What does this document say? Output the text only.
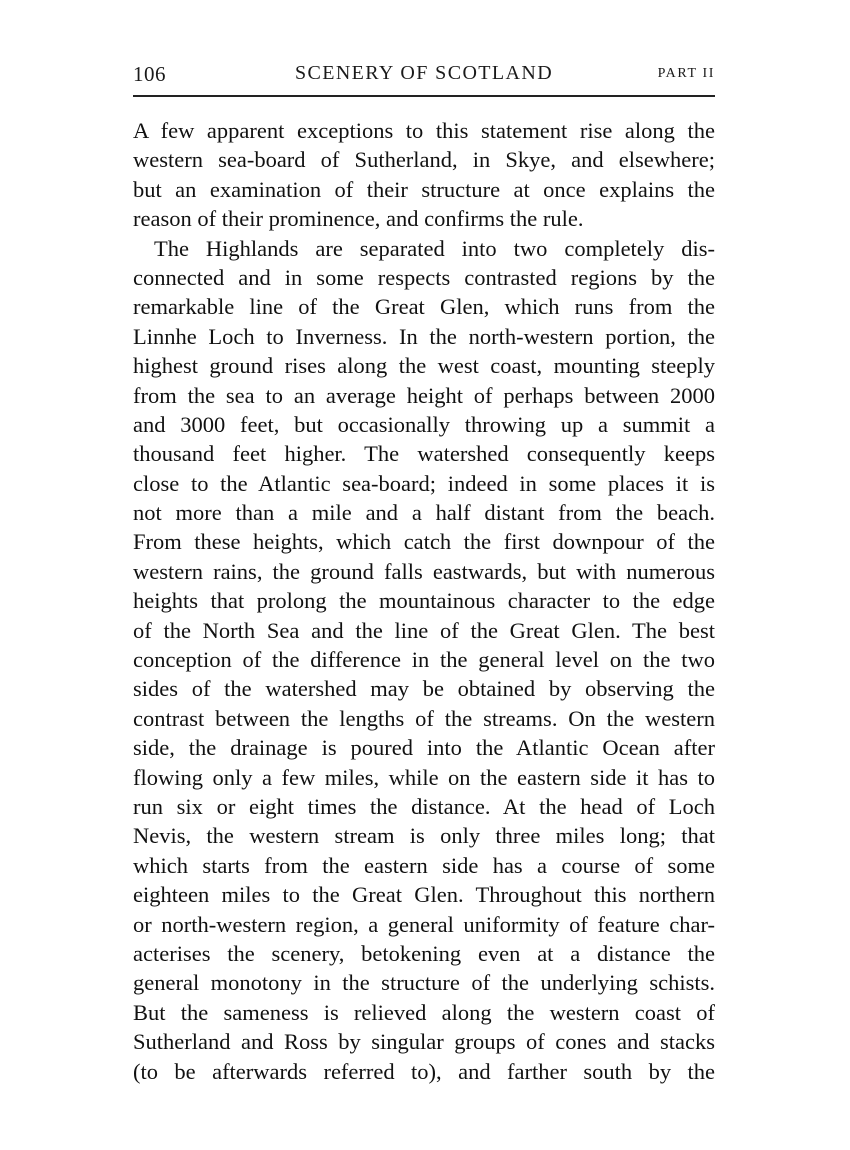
106	SCENERY OF SCOTLAND	PART II
A few apparent exceptions to this statement rise along the
western sea-board of Sutherland, in Skye, and elsewhere;
but an examination of their structure at once explains the
reason of their prominence, and confirms the rule.
The Highlands are separated into two completely dis-
connected and in some respects contrasted regions by the
remarkable line of the Great Glen, which runs from the
Linnhe Loch to Inverness. In the north-western portion, the
highest ground rises along the west coast, mounting steeply
from the sea to an average height of perhaps between 2000
and 3000 feet, but occasionally throwing up a summit a
thousand feet higher. The watershed consequently keeps
close to the Atlantic sea-board; indeed in some places it is
not more than a mile and a half distant from the beach.
From these heights, which catch the first downpour of the
western rains, the ground falls eastwards, but with numerous
heights that prolong the mountainous character to the edge
of the North Sea and the line of the Great Glen. The best
conception of the difference in the general level on the two
sides of the watershed may be obtained by observing the
contrast between the lengths of the streams. On the western
side, the drainage is poured into the Atlantic Ocean after
flowing only a few miles, while on the eastern side it has to
run six or eight times the distance. At the head of Loch
Nevis, the western stream is only three miles long; that
which starts from the eastern side has a course of some
eighteen miles to the Great Glen. Throughout this northern
or north-western region, a general uniformity of feature char-
acterises the scenery, betokening even at a distance the
general monotony in the structure of the underlying schists.
But the sameness is relieved along the western coast of
Sutherland and Ross by singular groups of cones and stacks
(to be afterwards referred to), and farther south by the
